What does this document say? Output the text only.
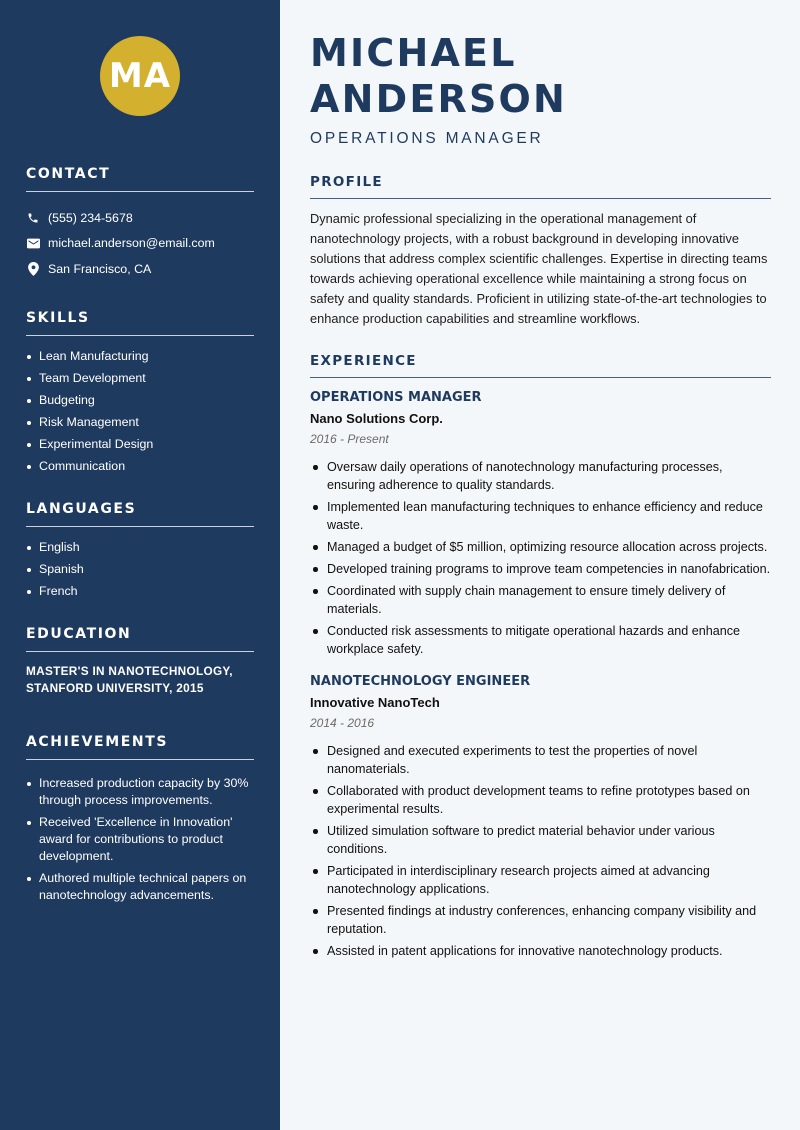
MA
CONTACT
(555) 234-5678
michael.anderson@email.com
San Francisco, CA
SKILLS
Lean Manufacturing
Team Development
Budgeting
Risk Management
Experimental Design
Communication
LANGUAGES
English
Spanish
French
EDUCATION
MASTER'S IN NANOTECHNOLOGY,
STANFORD UNIVERSITY, 2015
ACHIEVEMENTS
Increased production capacity by 30% through process improvements.
Received 'Excellence in Innovation' award for contributions to product development.
Authored multiple technical papers on nanotechnology advancements.
MICHAEL ANDERSON
OPERATIONS MANAGER
PROFILE

Dynamic professional specializing in the operational management of nanotechnology projects, with a robust background in developing innovative solutions that address complex scientific challenges. Expertise in directing teams towards achieving operational excellence while maintaining a strong focus on safety and quality standards. Proficient in utilizing state-of-the-art technologies to enhance production capabilities and streamline workflows.

EXPERIENCE
OPERATIONS MANAGER
Nano Solutions Corp.
2016 - Present
Oversaw daily operations of nanotechnology manufacturing processes, ensuring adherence to quality standards.
Implemented lean manufacturing techniques to enhance efficiency and reduce waste.
Managed a budget of $5 million, optimizing resource allocation across projects.
Developed training programs to improve team competencies in nanofabrication.
Coordinated with supply chain management to ensure timely delivery of materials.
Conducted risk assessments to mitigate operational hazards and enhance workplace safety.
NANOTECHNOLOGY ENGINEER
Innovative NanoTech
2014 - 2016
Designed and executed experiments to test the properties of novel nanomaterials.
Collaborated with product development teams to refine prototypes based on experimental results.
Utilized simulation software to predict material behavior under various conditions.
Participated in interdisciplinary research projects aimed at advancing nanotechnology applications.
Presented findings at industry conferences, enhancing company visibility and reputation.
Assisted in patent applications for innovative nanotechnology products.
